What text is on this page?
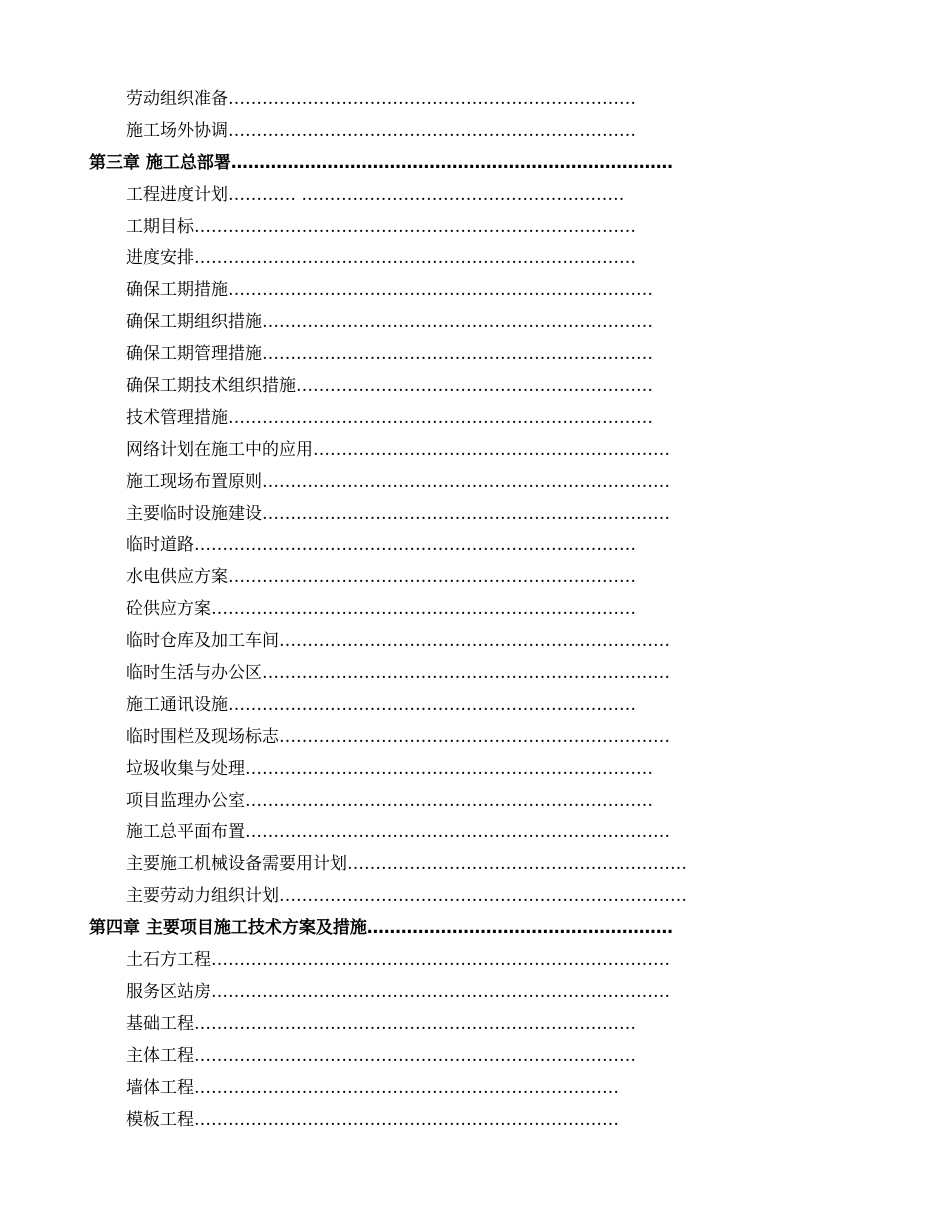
劳动组织准备………………………………………………………………
施工场外协调………………………………………………………………
第三章 施工总部署……………………………………………………………………
工程进度计划………… …………………………………………………
工期目标……………………………………………………………………
进度安排……………………………………………………………………
确保工期措施…………………………………………………………………
确保工期组织措施……………………………………………………………
确保工期管理措施……………………………………………………………
确保工期技术组织措施………………………………………………………
技术管理措施…………………………………………………………………
网络计划在施工中的应用………………………………………………………
施工现场布置原则………………………………………………………………
主要临时设施建设………………………………………………………………
临时道路……………………………………………………………………
水电供应方案………………………………………………………………
砼供应方案…………………………………………………………………
临时仓库及加工车间……………………………………………………………
临时生活与办公区………………………………………………………………
施工通讯设施………………………………………………………………
临时围栏及现场标志……………………………………………………………
垃圾收集与处理………………………………………………………………
项目监理办公室………………………………………………………………
施工总平面布置…………………………………………………………………
主要施工机械设备需要用计划……………………………………………………
主要劳动力组织计划………………………………………………………………
第四章 主要项目施工技术方案及措施………………………………………………
土石方工程………………………………………………………………………
服务区站房………………………………………………………………………
基础工程……………………………………………………………………
主体工程……………………………………………………………………
墙体工程…………………………………………………………………
模板工程…………………………………………………………………
